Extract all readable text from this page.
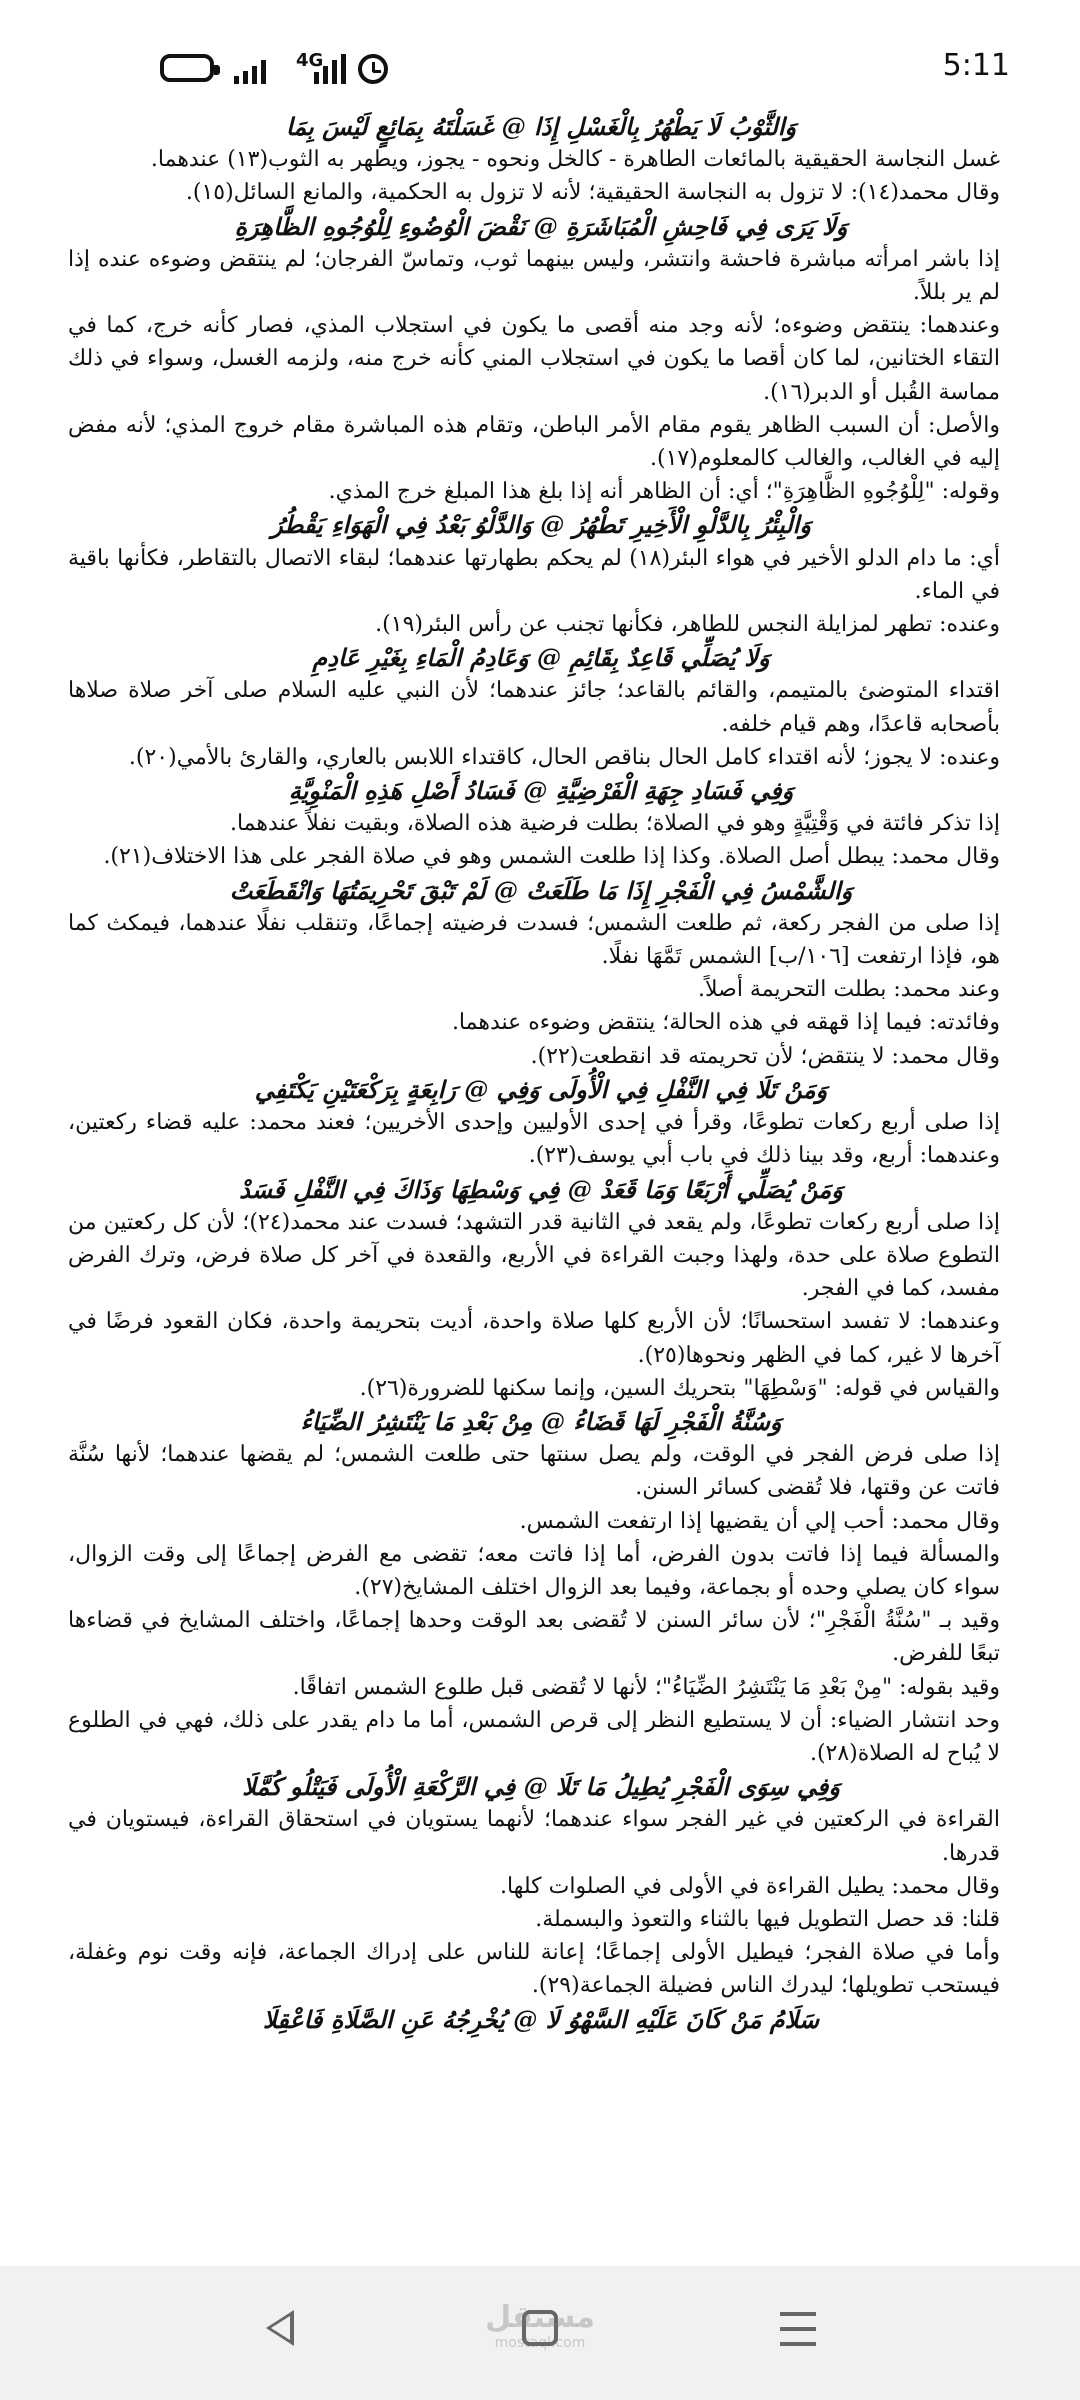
4G	5:11

وَالثَّوْبُ لَا يَطْهُرُ بِالْغَسْلِ إِذَا @ غَسَلْتَهُ بِمَائِعٍ لَيْسَ بِمَا

غسل النجاسة الحقيقية بالمائعات الطاهرة - كالخل ونحوه - يجوز، ويطهر به الثوب(١٣) عندهما.

وقال محمد(١٤): لا تزول به النجاسة الحقيقية؛ لأنه لا تزول به الحكمية، والمانع السائل(١٥).

وَلَا يَرَى فِي فَاحِشِ الْمُبَاشَرَةِ @ نَقْضَ الْوُضُوءِ لِلْوُجُوهِ الظَّاهِرَةِ

إذا باشر امرأته مباشرة فاحشة وانتشر، وليس بينهما ثوب، وتماسّ الفرجان؛ لم ينتقض وضوءه عنده إذا لم ير بللاً.

وعندهما: ينتقض وضوءه؛ لأنه وجد منه أقصى ما يكون في استجلاب المذي، فصار كأنه خرج، كما في التقاء الختانين، لما كان أقصا ما يكون في استجلاب المني كأنه خرج منه، ولزمه الغسل، وسواء في ذلك مماسة القُبل أو الدبر(١٦).

والأصل: أن السبب الظاهر يقوم مقام الأمر الباطن، وتقام هذه المباشرة مقام خروج المذي؛ لأنه مفض إليه في الغالب، والغالب كالمعلوم(١٧).

وقوله: "لِلْوُجُوهِ الظَّاهِرَةِ"؛ أي: أن الظاهر أنه إذا بلغ هذا المبلغ خرج المذي.

وَالْبِئْرُ بِالدَّلْوِ الْأَخِيرِ تَطْهُرُ @ وَالدَّلْوُ بَعْدُ فِي الْهَوَاءِ يَقْطُرُ

أي: ما دام الدلو الأخير في هواء البئر(١٨) لم يحكم بطهارتها عندهما؛ لبقاء الاتصال بالتقاطر، فكأنها باقية في الماء.

وعنده: تطهر لمزايلة النجس للطاهر، فكأنها تجنب عن رأس البئر(١٩).

وَلَا يُصَلِّي قَاعِدٌ بِقَائِمِ @ وَعَادِمُ الْمَاءِ بِغَيْرِ عَادِمِ

اقتداء المتوضئ بالمتيمم، والقائم بالقاعد؛ جائز عندهما؛ لأن النبي عليه السلام صلى آخر صلاة صلاها بأصحابه قاعدًا، وهم قيام خلفه.

وعنده: لا يجوز؛ لأنه اقتداء كامل الحال بناقص الحال، كاقتداء اللابس بالعاري، والقارئ بالأمي(٢٠).

وَفِي فَسَادِ جِهَةِ الْفَرْضِيَّةِ @ فَسَادُ أَصْلِ هَذِهِ الْمَنْوِيَّةِ

إذا تذكر فائتة في وَقْتِيَّةٍ وهو في الصلاة؛ بطلت فرضية هذه الصلاة، وبقيت نفلاً عندهما.

وقال محمد: يبطل أصل الصلاة. وكذا إذا طلعت الشمس وهو في صلاة الفجر على هذا الاختلاف(٢١).

وَالشَّمْسُ فِي الْفَجْرِ إِذَا مَا طَلَعَتْ @ لَمْ تَبْقَ تَحْرِيمَتُهَا وَانْقَطَعَتْ

إذا صلى من الفجر ركعة، ثم طلعت الشمس؛ فسدت فرضيته إجماعًا، وتنقلب نفلًا عندهما، فيمكث كما هو، فإذا ارتفعت [١٠٦/ب] الشمس تَمَّهَا نفلًا.

وعند محمد: بطلت التحريمة أصلاً.

وفائدته: فيما إذا قهقه في هذه الحالة؛ ينتقض وضوءه عندهما.

وقال محمد: لا ينتقض؛ لأن تحريمته قد انقطعت(٢٢).

وَمَنْ تَلَا فِي النَّفْلِ فِي الْأُولَى وَفِي @ رَابِعَةٍ بِرَكْعَتَيْنِ يَكْتَفِي

إذا صلى أربع ركعات تطوعًا، وقرأ في إحدى الأوليين وإحدى الأخريين؛ فعند محمد: عليه قضاء ركعتين، وعندهما: أربع، وقد بينا ذلك في باب أبي يوسف(٢٣).

وَمَنْ يُصَلِّي أَرْبَعًا وَمَا قَعَدْ @ فِي وَسْطِهَا وَذَاكَ فِي النَّفْلِ فَسَدْ

إذا صلى أربع ركعات تطوعًا، ولم يقعد في الثانية قدر التشهد؛ فسدت عند محمد(٢٤)؛ لأن كل ركعتين من التطوع صلاة على حدة، ولهذا وجبت القراءة في الأربع، والقعدة في آخر كل صلاة فرض، وترك الفرض مفسد، كما في الفجر.

وعندهما: لا تفسد استحسانًا؛ لأن الأربع كلها صلاة واحدة، أديت بتحريمة واحدة، فكان القعود فرضًا في آخرها لا غير، كما في الظهر ونحوها(٢٥).

والقياس في قوله: "وَسْطِهَا" بتحريك السين، وإنما سكنها للضرورة(٢٦).

وَسُنَّةُ الْفَجْرِ لَهَا قَضَاءُ @ مِنْ بَعْدِ مَا يَنْتَشِرُ الضِّيَاءُ

إذا صلى فرض الفجر في الوقت، ولم يصل سنتها حتى طلعت الشمس؛ لم يقضها عندهما؛ لأنها سُنَّة فاتت عن وقتها، فلا تُقضى كسائر السنن.

وقال محمد: أحب إلي أن يقضيها إذا ارتفعت الشمس.

والمسألة فيما إذا فاتت بدون الفرض، أما إذا فاتت معه؛ تقضى مع الفرض إجماعًا إلى وقت الزوال، سواء كان يصلي وحده أو بجماعة، وفيما بعد الزوال اختلف المشايخ(٢٧).

وقيد بـ "سُنَّةُ الْفَجْرِ"؛ لأن سائر السنن لا تُقضى بعد الوقت وحدها إجماعًا، واختلف المشايخ في قضاءها تبعًا للفرض.

وقيد بقوله: "مِنْ بَعْدِ مَا يَنْتَشِرُ الضِّيَاءُ"؛ لأنها لا تُقضى قبل طلوع الشمس اتفاقًا.

وحد انتشار الضياء: أن لا يستطيع النظر إلى قرص الشمس، أما ما دام يقدر على ذلك، فهي في الطلوع لا يُباح له الصلاة(٢٨).

وَفِي سِوَى الْفَجْرِ يُطِيلُ مَا تَلَا @ فِي الرَّكْعَةِ الْأُولَى فَيَتْلُو كُمَّلَا

القراءة في الركعتين في غير الفجر سواء عندهما؛ لأنهما يستويان في استحقاق القراءة، فيستويان في قدرها.

وقال محمد: يطيل القراءة في الأولى في الصلوات كلها.

قلنا: قد حصل التطويل فيها بالثناء والتعوذ والبسملة.

وأما في صلاة الفجر؛ فيطيل الأولى إجماعًا؛ إعانة للناس على إدراك الجماعة، فإنه وقت نوم وغفلة، فيستحب تطويلها؛ ليدرك الناس فضيلة الجماعة(٢٩).

سَلَامُ مَنْ كَانَ عَلَيْهِ السَّهْوُ لَا @ يُخْرِجُهُ عَنِ الصَّلَاةِ فَاعْقِلَا

مستقل
mostaql.com
